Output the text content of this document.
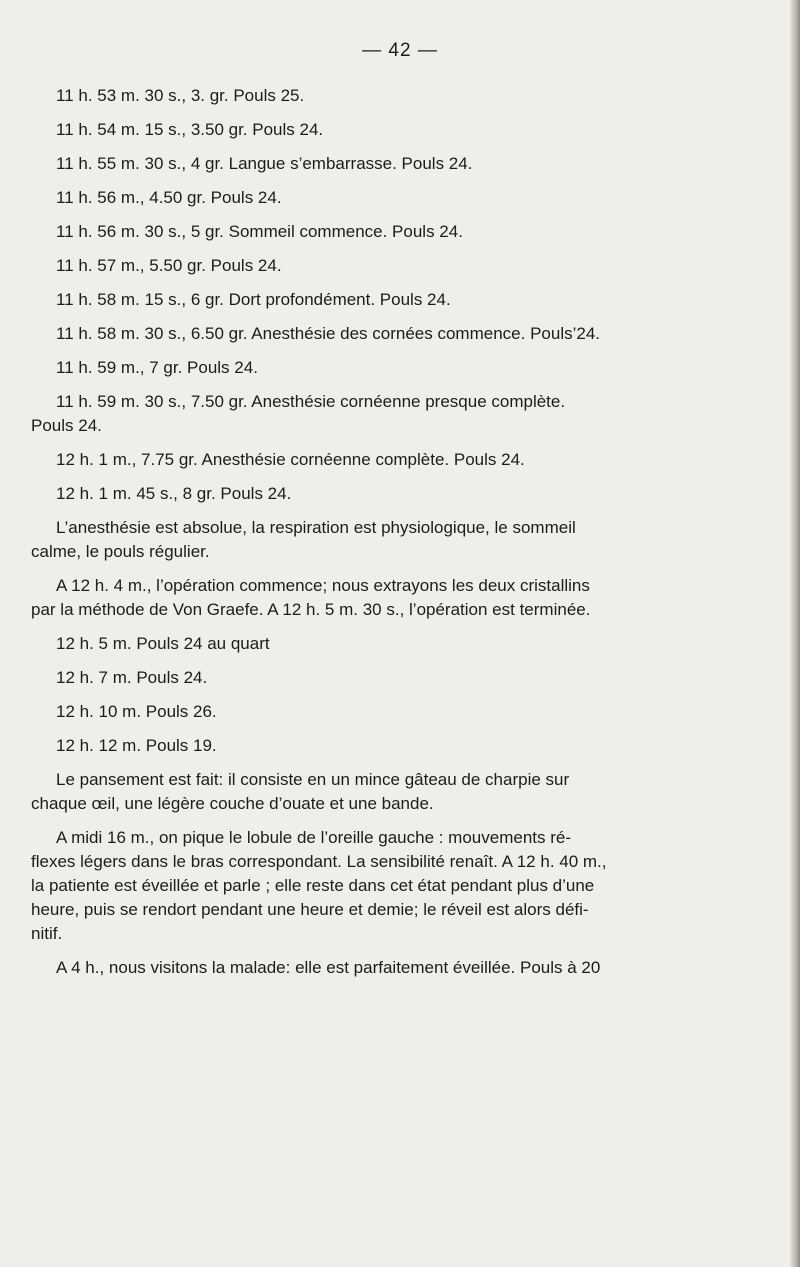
— 42 —
11 h. 53 m. 30 s., 3. gr. Pouls 25.
11 h. 54 m. 15 s., 3.50 gr. Pouls 24.
11 h. 55 m. 30 s., 4 gr. Langue s’embarrasse. Pouls 24.
11 h. 56 m., 4.50 gr. Pouls 24.
11 h. 56 m. 30 s., 5 gr. Sommeil commence. Pouls 24.
11 h. 57 m., 5.50 gr. Pouls 24.
11 h. 58 m. 15 s., 6 gr. Dort profondément. Pouls 24.
11 h. 58 m. 30 s., 6.50 gr. Anesthésie des cornées commence. Pouls’24.
11 h. 59 m., 7 gr. Pouls 24.
11 h. 59 m. 30 s., 7.50 gr. Anesthésie cornéenne presque complète.
Pouls 24.
12 h. 1 m., 7.75 gr. Anesthésie cornéenne complète. Pouls 24.
12 h. 1 m. 45 s., 8 gr. Pouls 24.
L’anesthésie est absolue, la respiration est physiologique, le sommeil
calme, le pouls régulier.
A 12 h. 4 m., l’opération commence; nous extrayons les deux cristallins
par la méthode de Von Graefe. A 12 h. 5 m. 30 s., l’opération est terminée.
12 h. 5 m. Pouls 24 au quart
12 h. 7 m. Pouls 24.
12 h. 10 m. Pouls 26.
12 h. 12 m. Pouls 19.
Le pansement est fait: il consiste en un mince gâteau de charpie sur
chaque œil, une légère couche d’ouate et une bande.
A midi 16 m., on pique le lobule de l’oreille gauche : mouvements ré-
flexes légers dans le bras correspondant. La sensibilité renaît. A 12 h. 40 m.,
la patiente est éveillée et parle ; elle reste dans cet état pendant plus d’une
heure, puis se rendort pendant une heure et demie; le réveil est alors défi-
nitif.
A 4 h., nous visitons la malade: elle est parfaitement éveillée. Pouls à 20
